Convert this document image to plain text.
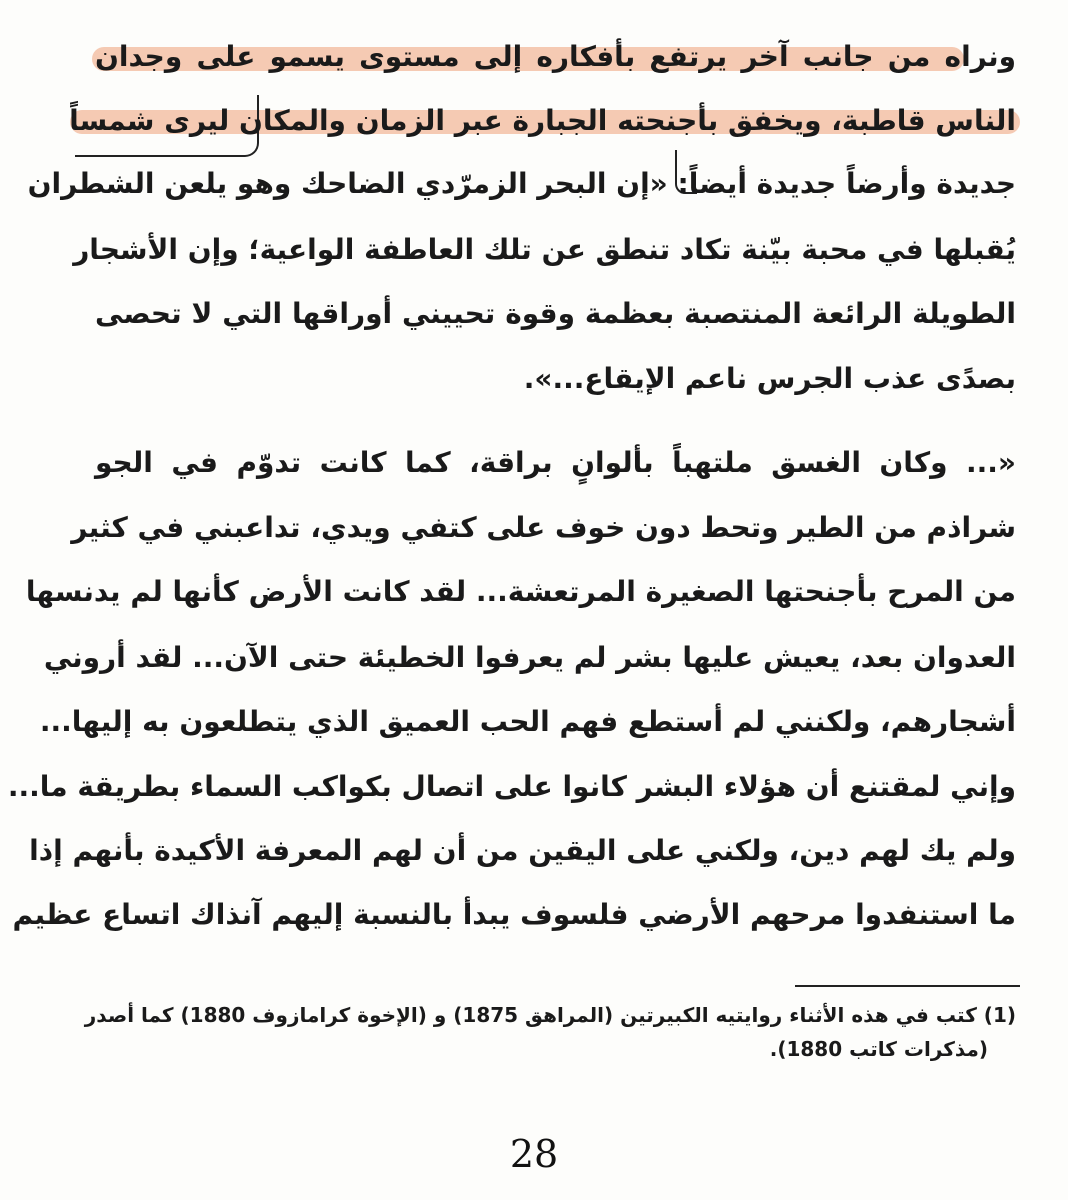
ونراه من جانب آخر يرتفع بأفكاره إلى مستوى يسمو على وجدان
الناس قاطبة، ويخفق بأجنحته الجبارة عبر الزمان والمكان ليرى شمساً
جديدة وأرضاً جديدة أيضاً: «إن البحر الزمرّدي الضاحك وهو يلعن الشطران
يُقبلها في محبة بيّنة تكاد تنطق عن تلك العاطفة الواعية؛ وإن الأشجار
الطويلة الرائعة المنتصبة بعظمة وقوة تحييني أوراقها التي لا تحصى
بصدًى عذب الجرس ناعم الإيقاع...».
«... وكان الغسق ملتهباً بألوانٍ براقة، كما كانت تدوّم في الجو
شراذم من الطير وتحط دون خوف على كتفي ويدي، تداعبني في كثير
من المرح بأجنحتها الصغيرة المرتعشة... لقد كانت الأرض كأنها لم يدنسها
العدوان بعد، يعيش عليها بشر لم يعرفوا الخطيئة حتى الآن... لقد أروني
أشجارهم، ولكنني لم أستطع فهم الحب العميق الذي يتطلعون به إليها...
وإني لمقتنع أن هؤلاء البشر كانوا على اتصال بكواكب السماء بطريقة ما...
ولم يك لهم دين، ولكني على اليقين من أن لهم المعرفة الأكيدة بأنهم إذا
ما استنفدوا مرحهم الأرضي فلسوف يبدأ بالنسبة إليهم آنذاك اتساع عظيم
(1) كتب في هذه الأثناء روايتيه الكبيرتين (المراهق 1875) و (الإخوة كرامازوف 1880) كما أصدر
(مذكرات كاتب 1880).
28
